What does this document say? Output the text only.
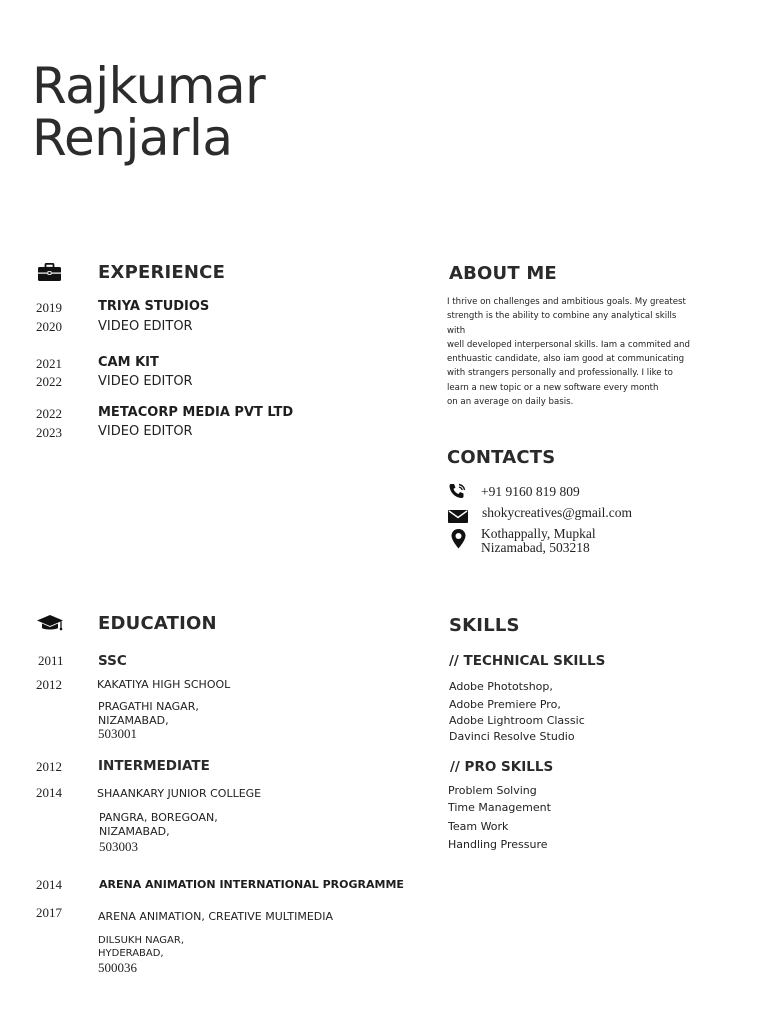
Rajkumar
Renjarla
EXPERIENCE
2019
2020
TRIYA STUDIOS
VIDEO EDITOR
2021
2022
CAM KIT
VIDEO EDITOR
2022
2023
METACORP MEDIA PVT LTD
VIDEO EDITOR
ABOUT ME
I thrive on challenges and ambitious goals. My greatest
strength is the ability to combine any analytical skills with
well developed interpersonal skills. Iam a commited and
enthuastic candidate, also iam good at communicating
with strangers personally and professionally. I like to
learn a new topic or a new software every month
on an average on daily basis.
CONTACTS
+91 9160 819 809
shokycreatives@gmail.com
Kothappally, Mupkal
Nizamabad, 503218
EDUCATION
2011
2012
SSC
KAKATIYA HIGH SCHOOL
PRAGATHI NAGAR,
NIZAMABAD,
503001
2012
2014
INTERMEDIATE
SHAANKARY JUNIOR COLLEGE
PANGRA, BOREGOAN,
NIZAMABAD,
503003
2014
2017
ARENA ANIMATION INTERNATIONAL PROGRAMME
ARENA ANIMATION, CREATIVE MULTIMEDIA
DILSUKH NAGAR,
HYDERABAD,
500036
SKILLS
// TECHNICAL SKILLS
Adobe Phototshop,
Adobe Premiere Pro,
Adobe Lightroom Classic
Davinci Resolve Studio
// PRO SKILLS
Problem Solving
Time Management
Team Work
Handling Pressure
